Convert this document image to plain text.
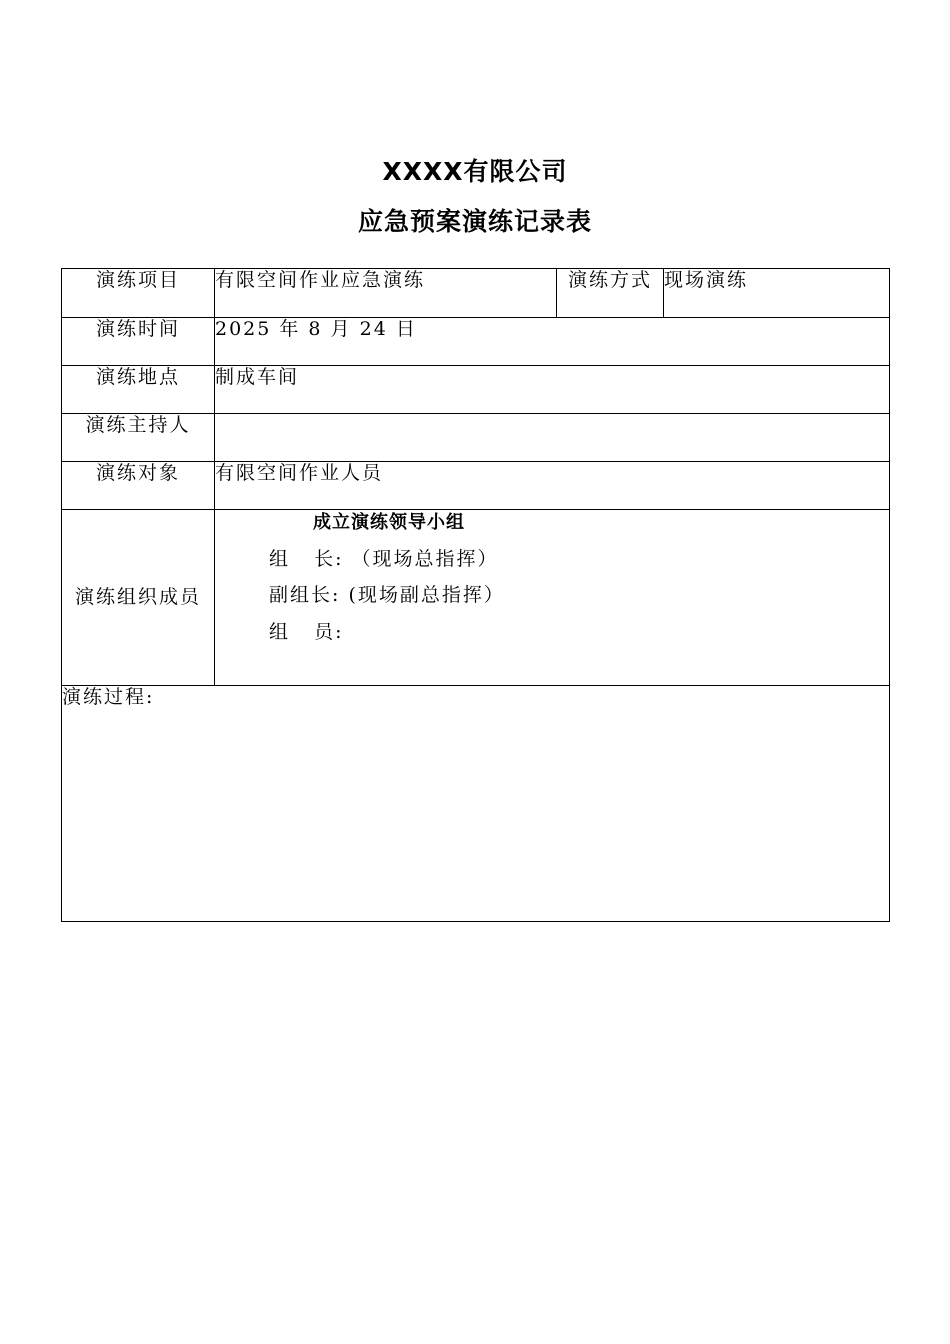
XXXX有限公司
应急预案演练记录表
演练项目	有限空间作业应急演练	演练方式	现场演练
演练时间	2025 年 8 月 24 日		
演练地点	制成车间		
演练主持人			
演练对象	有限空间作业人员		
演练组织成员	成立演练领导小组
组   长: （现场总指挥）
副组长: (现场副总指挥）
组   员:		

演练过程:			
